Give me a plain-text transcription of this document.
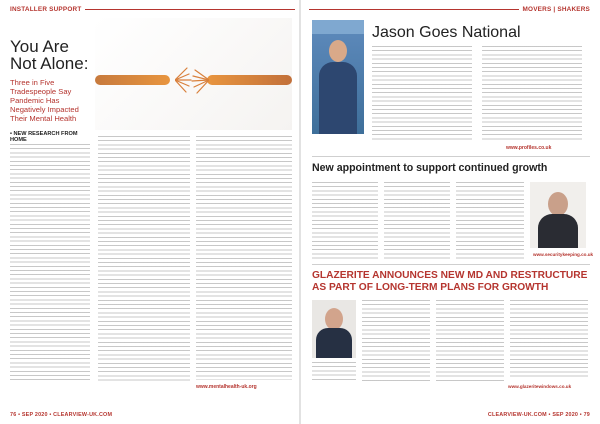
INSTALLER SUPPORT
You Are
Not Alone:
Three in Five Tradespeople Say Pandemic Has Negatively Impacted Their Mental Health
• NEW RESEARCH FROM HOME
www.mentalhealth-uk.org
76 • SEP 2020 • CLEARVIEW-UK.COM
MOVERS | SHAKERS
CLEARVIEW-UK.COM • SEP 2020 • 79
Jason Goes National
www.profiles.co.uk
New appointment to support continued growth
www.securitykeeping.co.uk
GLAZERITE ANNOUNCES NEW MD AND RESTRUCTURE
AS PART OF LONG-TERM PLANS FOR GROWTH
www.glazeritewindows.co.uk
